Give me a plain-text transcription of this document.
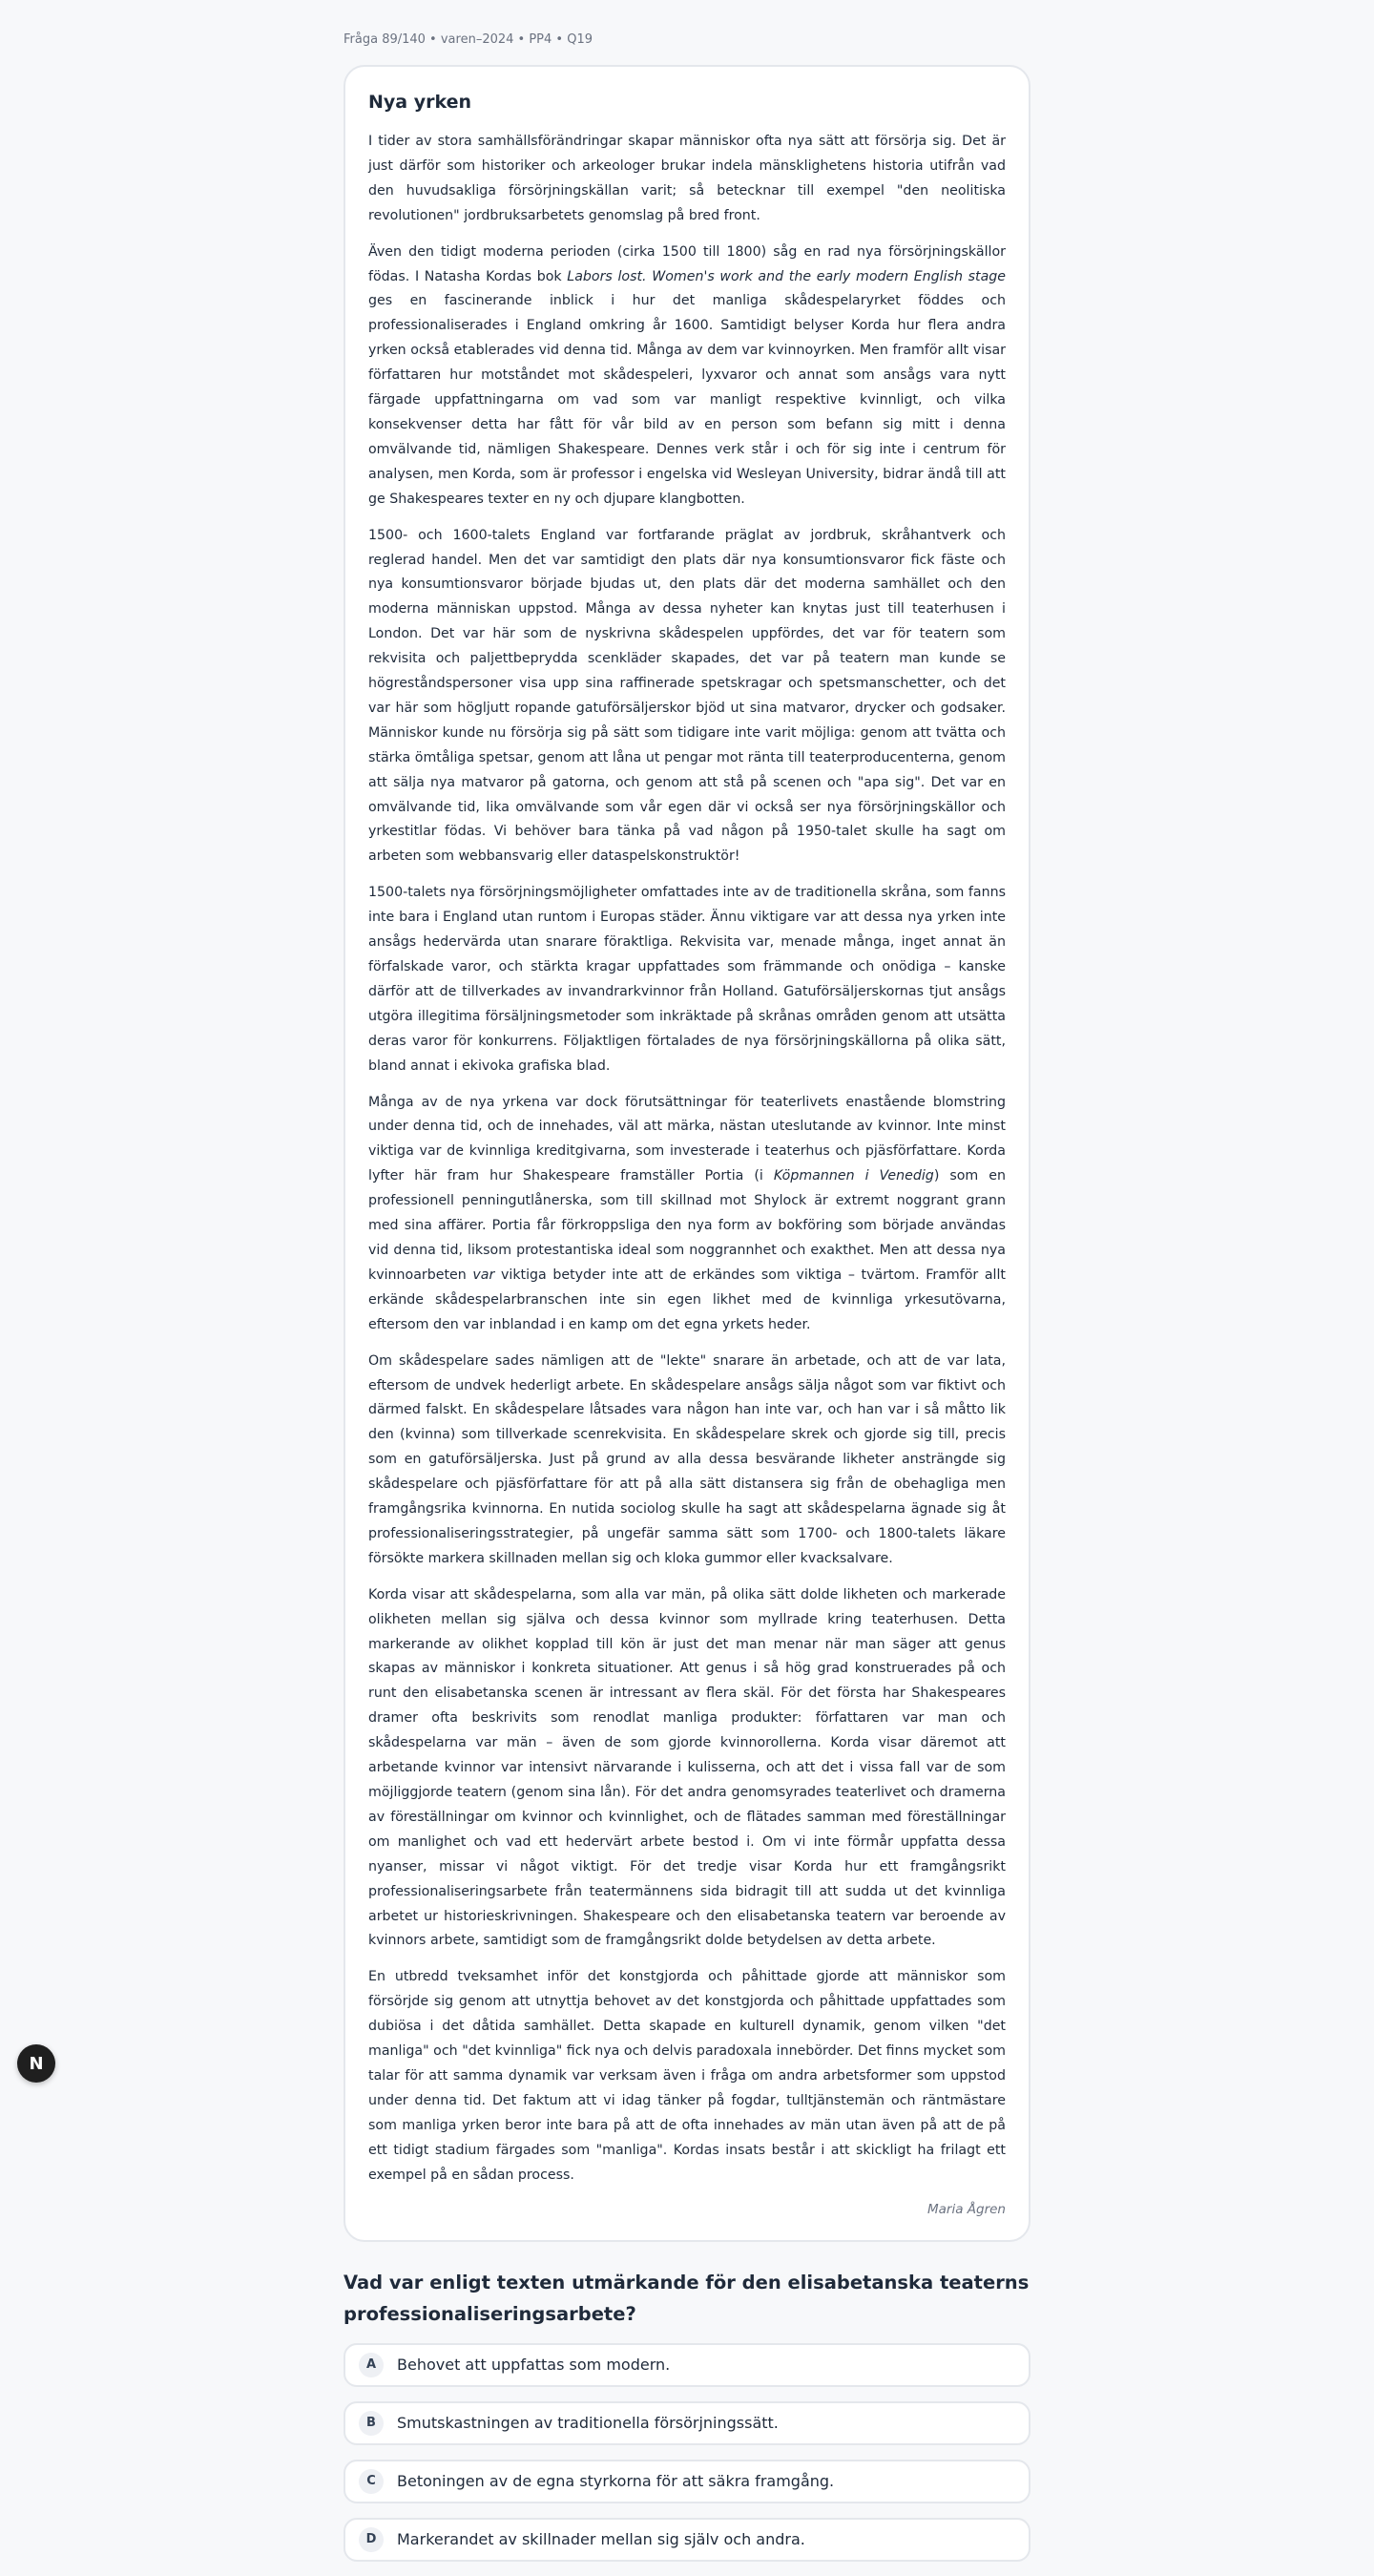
Fråga 89/140 • varen–2024 • PP4 • Q19
Nya yrken

I tider av stora samhällsförändringar skapar människor ofta nya sätt att försörja sig. Det är just därför som historiker och arkeologer brukar indela mänsklighetens historia utifrån vad den huvudsakliga försörjningskällan varit; så betecknar till exempel "den neolitiska revolutionen" jordbruksarbetets genomslag på bred front.

Även den tidigt moderna perioden (cirka 1500 till 1800) såg en rad nya försörjningskällor födas. I Natasha Kordas bok Labors lost. Women's work and the early modern English stage ges en fascinerande inblick i hur det manliga skådespelaryrket föddes och professionaliserades i England omkring år 1600. Samtidigt belyser Korda hur flera andra yrken också etablerades vid denna tid. Många av dem var kvinnoyrken. Men framför allt visar författaren hur motståndet mot skådespeleri, lyxvaror och annat som ansågs vara nytt färgade uppfattningarna om vad som var manligt respektive kvinnligt, och vilka konsekvenser detta har fått för vår bild av en person som befann sig mitt i denna omvälvande tid, nämligen Shakespeare. Dennes verk står i och för sig inte i centrum för analysen, men Korda, som är professor i engelska vid Wesleyan University, bidrar ändå till att ge Shakespeares texter en ny och djupare klangbotten.

1500- och 1600-talets England var fortfarande präglat av jordbruk, skråhantverk och reglerad handel. Men det var samtidigt den plats där nya konsumtionsvaror fick fäste och nya konsumtionsvaror började bjudas ut, den plats där det moderna samhället och den moderna människan uppstod. Många av dessa nyheter kan knytas just till teaterhusen i London. Det var här som de nyskrivna skådespelen uppfördes, det var för teatern som rekvisita och paljettbeprydda scenkläder skapades, det var på teatern man kunde se högreståndspersoner visa upp sina raffinerade spetskragar och spetsmanschetter, och det var här som högljutt ropande gatuförsäljerskor bjöd ut sina matvaror, drycker och godsaker. Människor kunde nu försörja sig på sätt som tidigare inte varit möjliga: genom att tvätta och stärka ömtåliga spetsar, genom att låna ut pengar mot ränta till teaterproducenterna, genom att sälja nya matvaror på gatorna, och genom att stå på scenen och "apa sig". Det var en omvälvande tid, lika omvälvande som vår egen där vi också ser nya försörjningskällor och yrkestitlar födas. Vi behöver bara tänka på vad någon på 1950-talet skulle ha sagt om arbeten som webbansvarig eller dataspelskonstruktör!

1500-talets nya försörjningsmöjligheter omfattades inte av de traditionella skråna, som fanns inte bara i England utan runtom i Europas städer. Ännu viktigare var att dessa nya yrken inte ansågs hedervärda utan snarare föraktliga. Rekvisita var, menade många, inget annat än förfalskade varor, och stärkta kragar uppfattades som främmande och onödiga – kanske därför att de tillverkades av invandrarkvinnor från Holland. Gatuförsäljerskornas tjut ansågs utgöra illegitima försäljningsmetoder som inkräktade på skrånas områden genom att utsätta deras varor för konkurrens. Följaktligen förtalades de nya försörjningskällorna på olika sätt, bland annat i ekivoka grafiska blad.

Många av de nya yrkena var dock förutsättningar för teaterlivets enastående blomstring under denna tid, och de innehades, väl att märka, nästan uteslutande av kvinnor. Inte minst viktiga var de kvinnliga kreditgivarna, som investerade i teaterhus och pjäsförfattare. Korda lyfter här fram hur Shakespeare framställer Portia (i Köpmannen i Venedig) som en professionell penningutlånerska, som till skillnad mot Shylock är extremt noggrant grann med sina affärer. Portia får förkroppsliga den nya form av bokföring som började användas vid denna tid, liksom protestantiska ideal som noggrannhet och exakthet. Men att dessa nya kvinnoarbeten var viktiga betyder inte att de erkändes som viktiga – tvärtom. Framför allt erkände skådespelarbranschen inte sin egen likhet med de kvinnliga yrkesutövarna, eftersom den var inblandad i en kamp om det egna yrkets heder.

Om skådespelare sades nämligen att de "lekte" snarare än arbetade, och att de var lata, eftersom de undvek hederligt arbete. En skådespelare ansågs sälja något som var fiktivt och därmed falskt. En skådespelare låtsades vara någon han inte var, och han var i så måtto lik den (kvinna) som tillverkade scenrekvisita. En skådespelare skrek och gjorde sig till, precis som en gatuförsäljerska. Just på grund av alla dessa besvärande likheter ansträngde sig skådespelare och pjäsförfattare för att på alla sätt distansera sig från de obehagliga men framgångsrika kvinnorna. En nutida sociolog skulle ha sagt att skådespelarna ägnade sig åt professionaliseringsstrategier, på ungefär samma sätt som 1700- och 1800-talets läkare försökte markera skillnaden mellan sig och kloka gummor eller kvacksalvare.

Korda visar att skådespelarna, som alla var män, på olika sätt dolde likheten och markerade olikheten mellan sig själva och dessa kvinnor som myllrade kring teaterhusen. Detta markerande av olikhet kopplad till kön är just det man menar när man säger att genus skapas av människor i konkreta situationer. Att genus i så hög grad konstruerades på och runt den elisabetanska scenen är intressant av flera skäl. För det första har Shakespeares dramer ofta beskrivits som renodlat manliga produkter: författaren var man och skådespelarna var män – även de som gjorde kvinnorollerna. Korda visar däremot att arbetande kvinnor var intensivt närvarande i kulisserna, och att det i vissa fall var de som möjliggjorde teatern (genom sina lån). För det andra genomsyrades teaterlivet och dramerna av föreställningar om kvinnor och kvinnlighet, och de flätades samman med föreställningar om manlighet och vad ett hedervärt arbete bestod i. Om vi inte förmår uppfatta dessa nyanser, missar vi något viktigt. För det tredje visar Korda hur ett framgångsrikt professionaliseringsarbete från teatermännens sida bidragit till att sudda ut det kvinnliga arbetet ur historieskrivningen. Shakespeare och den elisabetanska teatern var beroende av kvinnors arbete, samtidigt som de framgångsrikt dolde betydelsen av detta arbete.

En utbredd tveksamhet inför det konstgjorda och påhittade gjorde att människor som försörjde sig genom att utnyttja behovet av det konstgjorda och påhittade uppfattades som dubiösa i det dåtida samhället. Detta skapade en kulturell dynamik, genom vilken "det manliga" och "det kvinnliga" fick nya och delvis paradoxala innebörder. Det finns mycket som talar för att samma dynamik var verksam även i fråga om andra arbetsformer som uppstod under denna tid. Det faktum att vi idag tänker på fogdar, tulltjänstemän och räntmästare som manliga yrken beror inte bara på att de ofta innehades av män utan även på att de på ett tidigt stadium färgades som "manliga". Kordas insats består i att skickligt ha frilagt ett exempel på en sådan process.

Maria Ågren
Vad var enligt texten utmärkande för den elisabetanska teaterns professionaliseringsarbete?
A	Behovet att uppfattas som modern.
B	Smutskastningen av traditionella försörjningssätt.
C	Betoningen av de egna styrkorna för att säkra framgång.
D	Markerandet av skillnader mellan sig själv och andra.
N
